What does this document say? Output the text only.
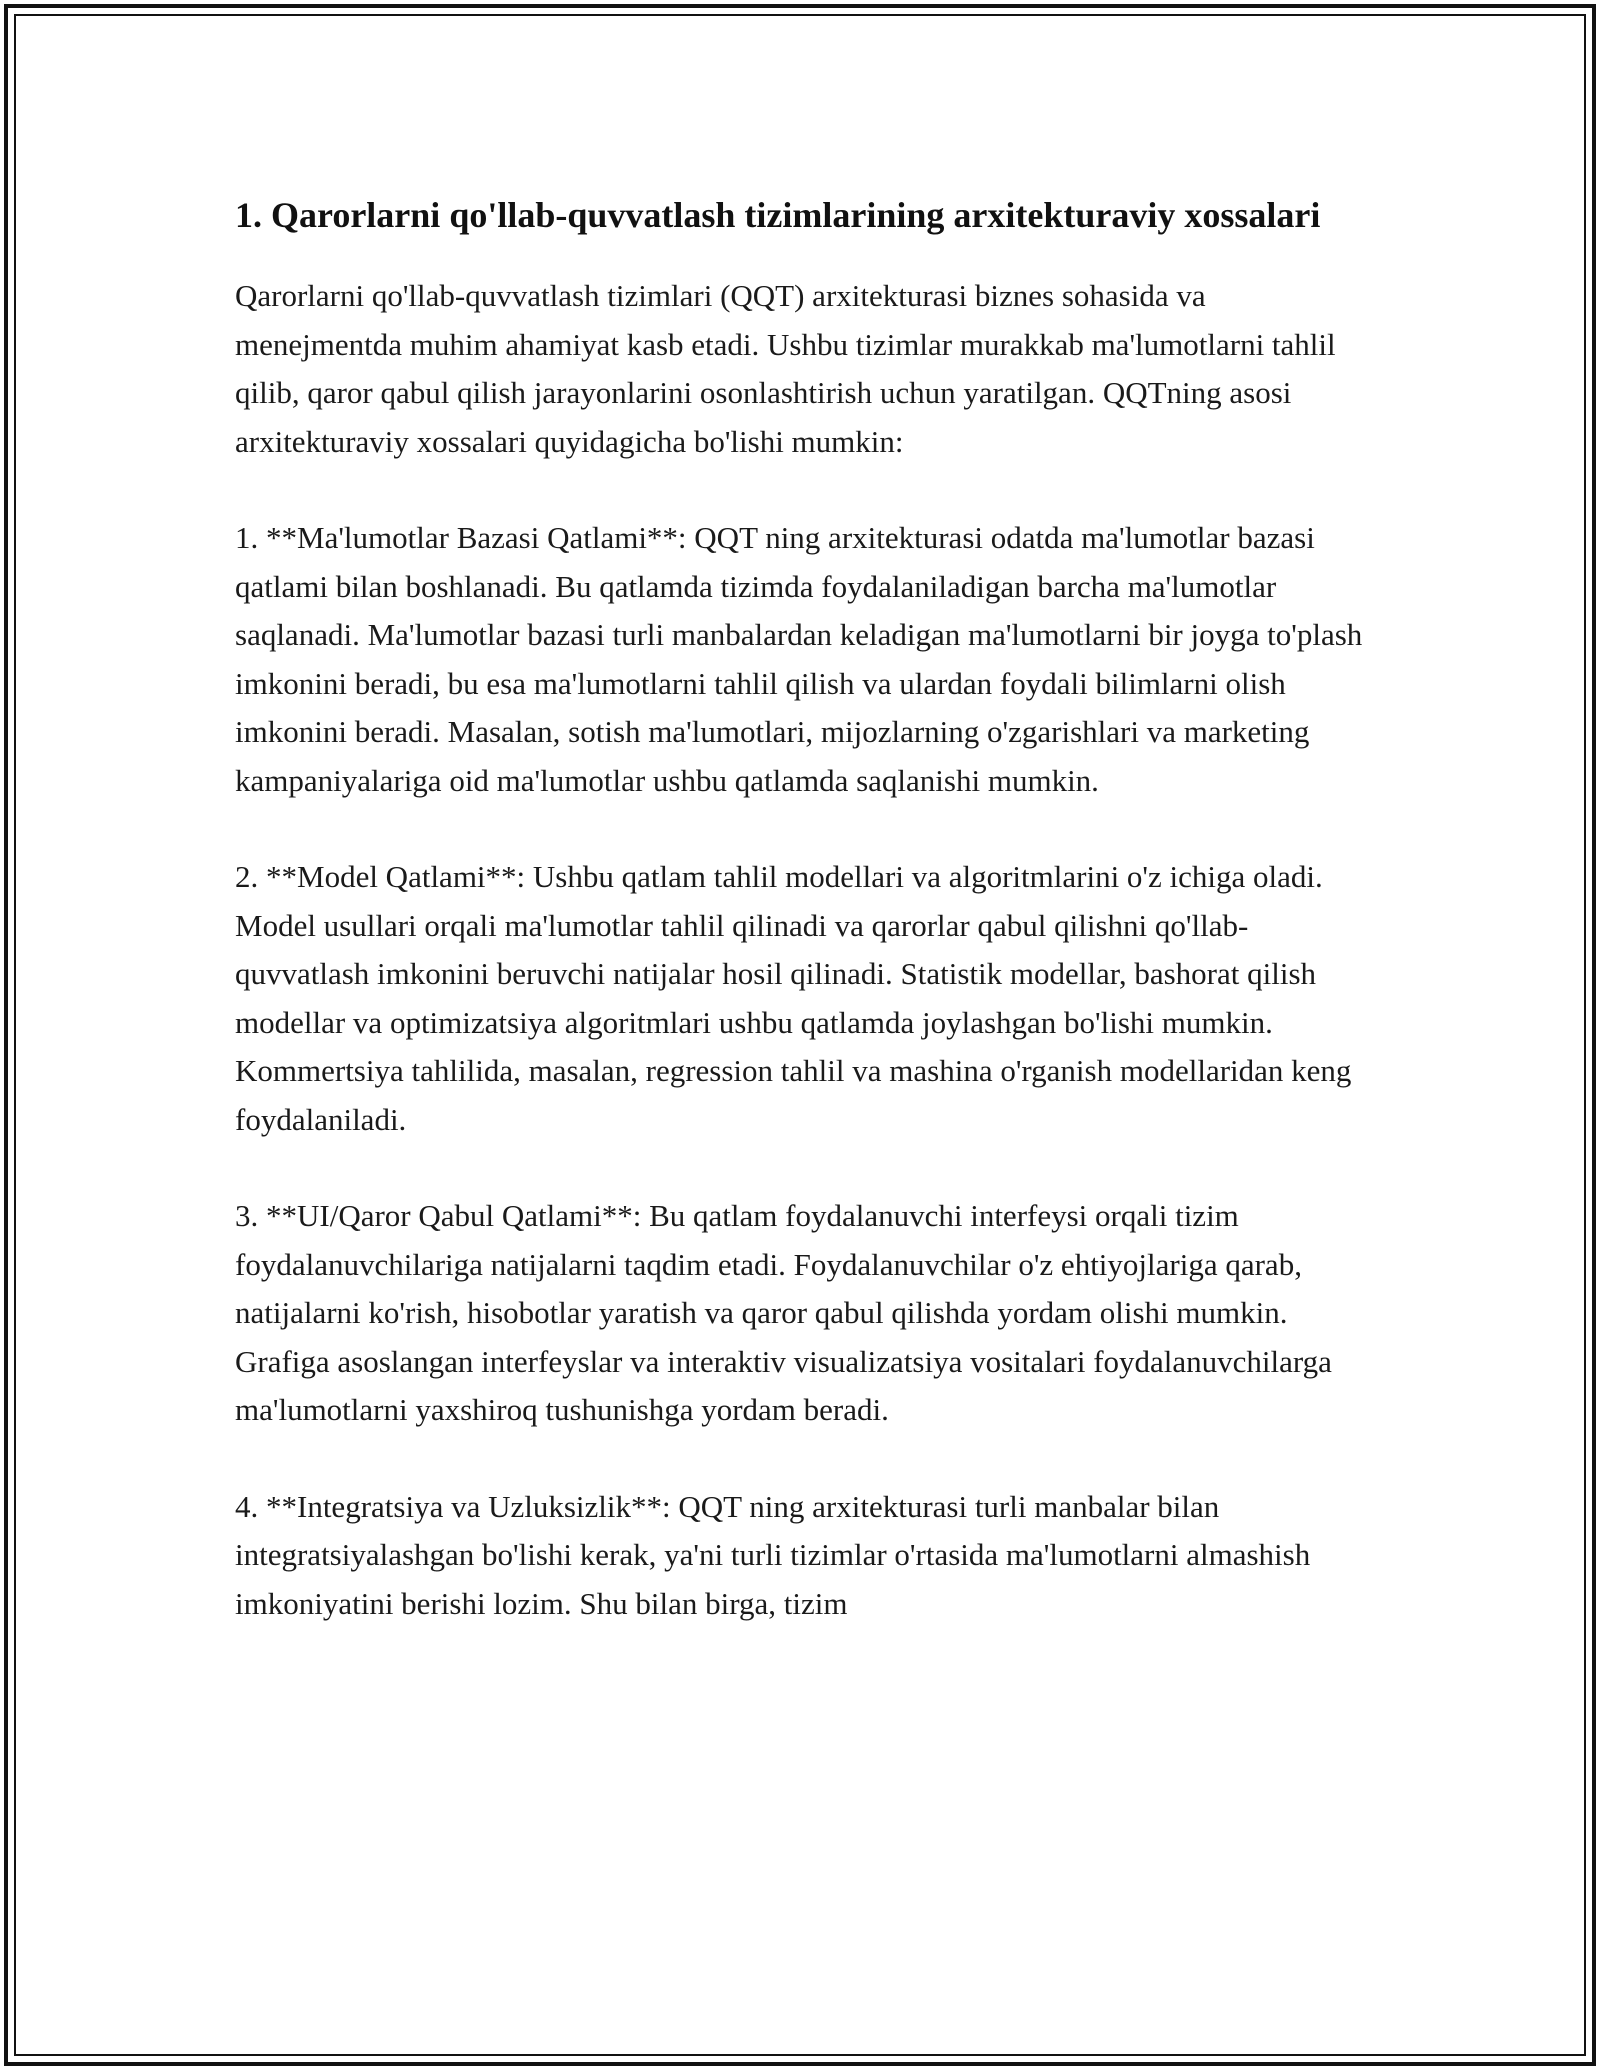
1. Qarorlarni qo'llab-quvvatlash tizimlarining arxitekturaviy xossalari

Qarorlarni qo'llab-quvvatlash tizimlari (QQT) arxitekturasi biznes sohasida va menejmentda muhim ahamiyat kasb etadi. Ushbu tizimlar murakkab ma'lumotlarni tahlil qilib, qaror qabul qilish jarayonlarini osonlashtirish uchun yaratilgan. QQTning asosi arxitekturaviy xossalari quyidagicha bo'lishi mumkin:

1. **Ma'lumotlar Bazasi Qatlami**: QQT ning arxitekturasi odatda ma'lumotlar bazasi qatlami bilan boshlanadi. Bu qatlamda tizimda foydalaniladigan barcha ma'lumotlar saqlanadi. Ma'lumotlar bazasi turli manbalardan keladigan ma'lumotlarni bir joyga to'plash imkonini beradi, bu esa ma'lumotlarni tahlil qilish va ulardan foydali bilimlarni olish imkonini beradi. Masalan, sotish ma'lumotlari, mijozlarning o'zgarishlari va marketing kampaniyalariga oid ma'lumotlar ushbu qatlamda saqlanishi mumkin.

2. **Model Qatlami**: Ushbu qatlam tahlil modellari va algoritmlarini o'z ichiga oladi. Model usullari orqali ma'lumotlar tahlil qilinadi va qarorlar qabul qilishni qo'llab-quvvatlash imkonini beruvchi natijalar hosil qilinadi. Statistik modellar, bashorat qilish modellar va optimizatsiya algoritmlari ushbu qatlamda joylashgan bo'lishi mumkin. Kommertsiya tahlilida, masalan, regression tahlil va mashina o'rganish modellaridan keng foydalaniladi.

3. **UI/Qaror Qabul Qatlami**: Bu qatlam foydalanuvchi interfeysi orqali tizim foydalanuvchilariga natijalarni taqdim etadi. Foydalanuvchilar o'z ehtiyojlariga qarab, natijalarni ko'rish, hisobotlar yaratish va qaror qabul qilishda yordam olishi mumkin. Grafiga asoslangan interfeyslar va interaktiv visualizatsiya vositalari foydalanuvchilarga ma'lumotlarni yaxshiroq tushunishga yordam beradi.

4. **Integratsiya va Uzluksizlik**: QQT ning arxitekturasi turli manbalar bilan integratsiyalashgan bo'lishi kerak, ya'ni turli tizimlar o'rtasida ma'lumotlarni almashish imkoniyatini berishi lozim. Shu bilan birga, tizim
